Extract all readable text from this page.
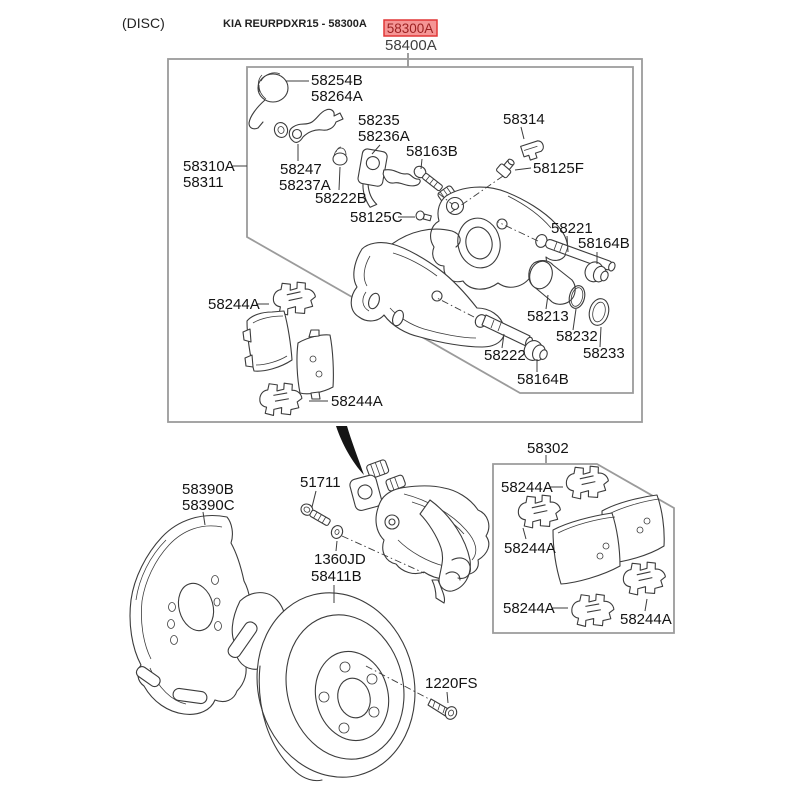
(DISC)	KIA REURPDXR15 - 58300A 58300A
58400A
58254B
58264A
58235
58236A
58314
58163B
58125F
58310A
58311
58247
58237A
58222B
58125C
58221
58164B
58213
58232
58233
58222
58164B
58244A
58244A
58390B
58390C
51711
1360JD
58411B
1220FS
58302
58244A
58244A
58244A
58244A
